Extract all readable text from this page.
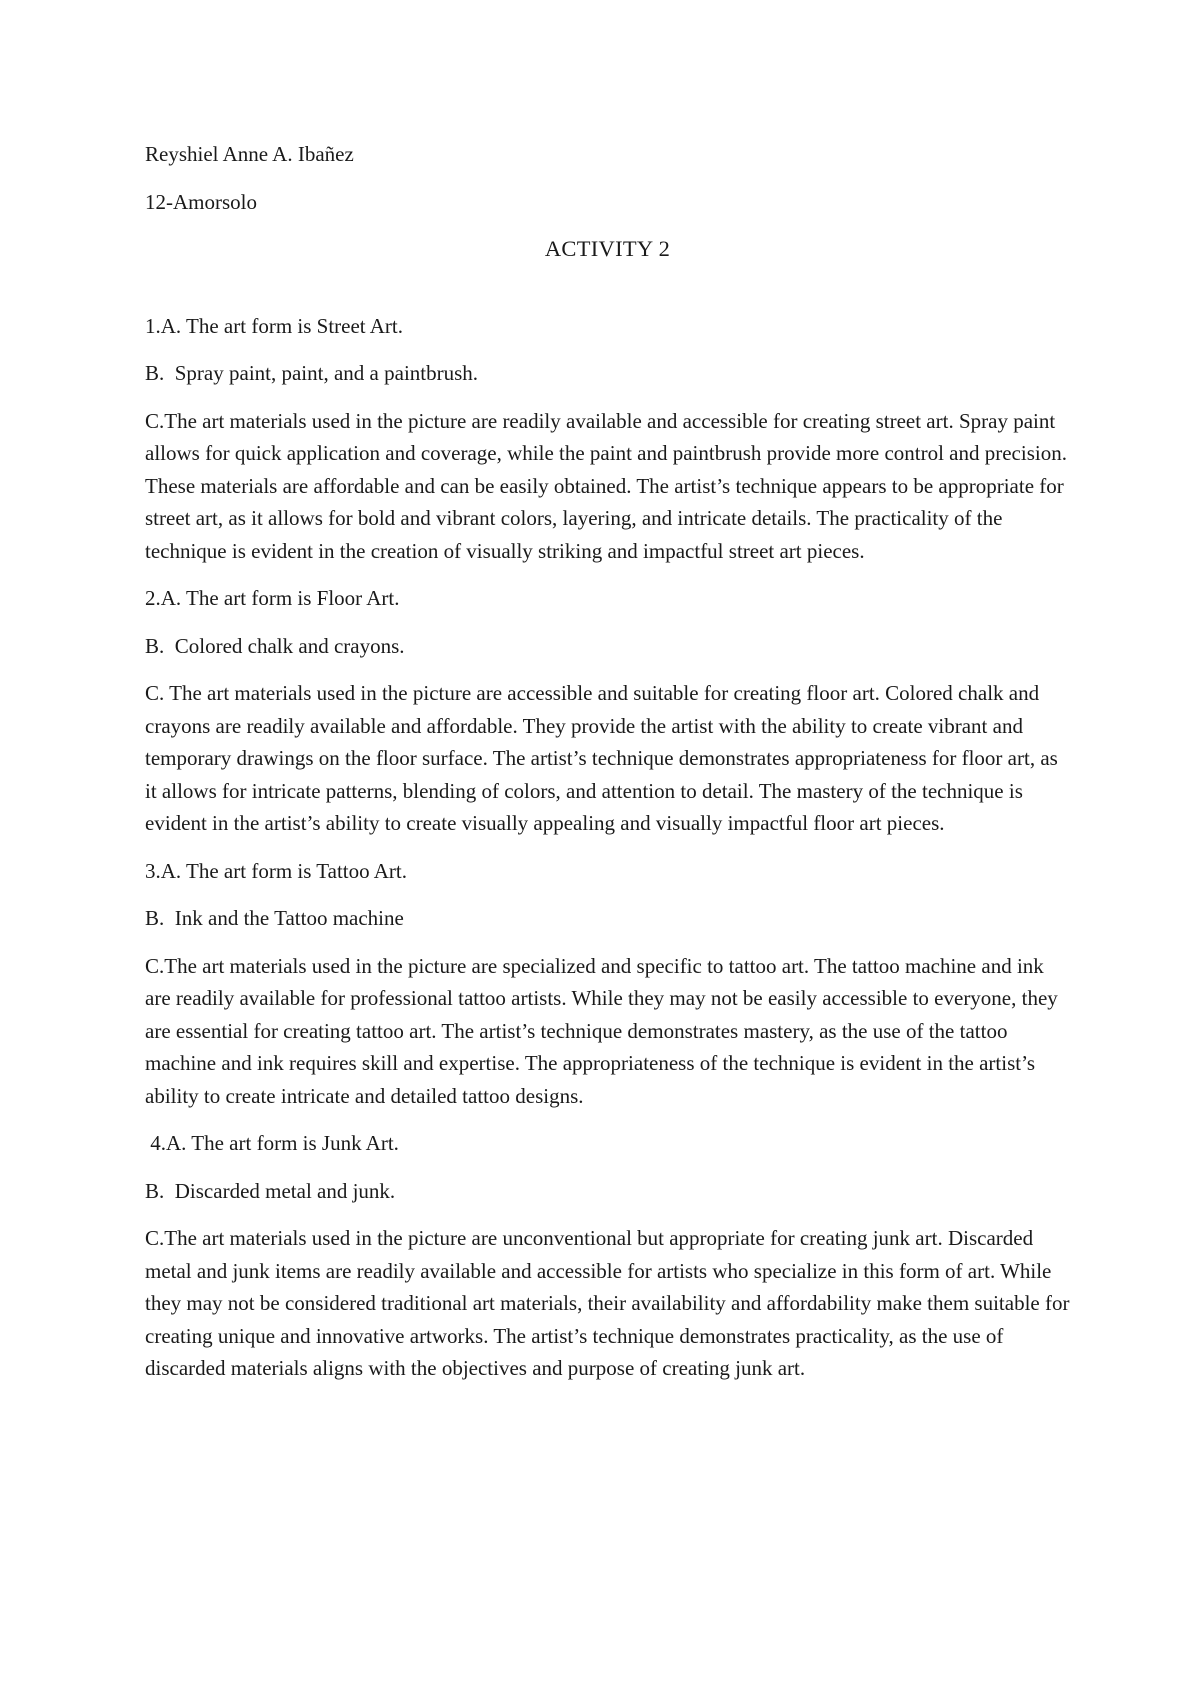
Reyshiel Anne A. Ibañez

12-Amorsolo

ACTIVITY 2

1.A. The art form is Street Art.

B.  Spray paint, paint, and a paintbrush.

C.The art materials used in the picture are readily available and accessible for creating street art. Spray paint allows for quick application and coverage, while the paint and paintbrush provide more control and precision. These materials are affordable and can be easily obtained. The artist’s technique appears to be appropriate for street art, as it allows for bold and vibrant colors, layering, and intricate details. The practicality of the technique is evident in the creation of visually striking and impactful street art pieces.

2.A. The art form is Floor Art.

B.  Colored chalk and crayons.

C. The art materials used in the picture are accessible and suitable for creating floor art. Colored chalk and crayons are readily available and affordable. They provide the artist with the ability to create vibrant and temporary drawings on the floor surface. The artist’s technique demonstrates appropriateness for floor art, as it allows for intricate patterns, blending of colors, and attention to detail. The mastery of the technique is evident in the artist’s ability to create visually appealing and visually impactful floor art pieces.

3.A. The art form is Tattoo Art.

B.  Ink and the Tattoo machine

C.The art materials used in the picture are specialized and specific to tattoo art. The tattoo machine and ink are readily available for professional tattoo artists. While they may not be easily accessible to everyone, they are essential for creating tattoo art. The artist’s technique demonstrates mastery, as the use of the tattoo machine and ink requires skill and expertise. The appropriateness of the technique is evident in the artist’s ability to create intricate and detailed tattoo designs.

4.A. The art form is Junk Art.

B.  Discarded metal and junk.

C.The art materials used in the picture are unconventional but appropriate for creating junk art. Discarded metal and junk items are readily available and accessible for artists who specialize in this form of art. While they may not be considered traditional art materials, their availability and affordability make them suitable for creating unique and innovative artworks. The artist’s technique demonstrates practicality, as the use of discarded materials aligns with the objectives and purpose of creating junk art.
